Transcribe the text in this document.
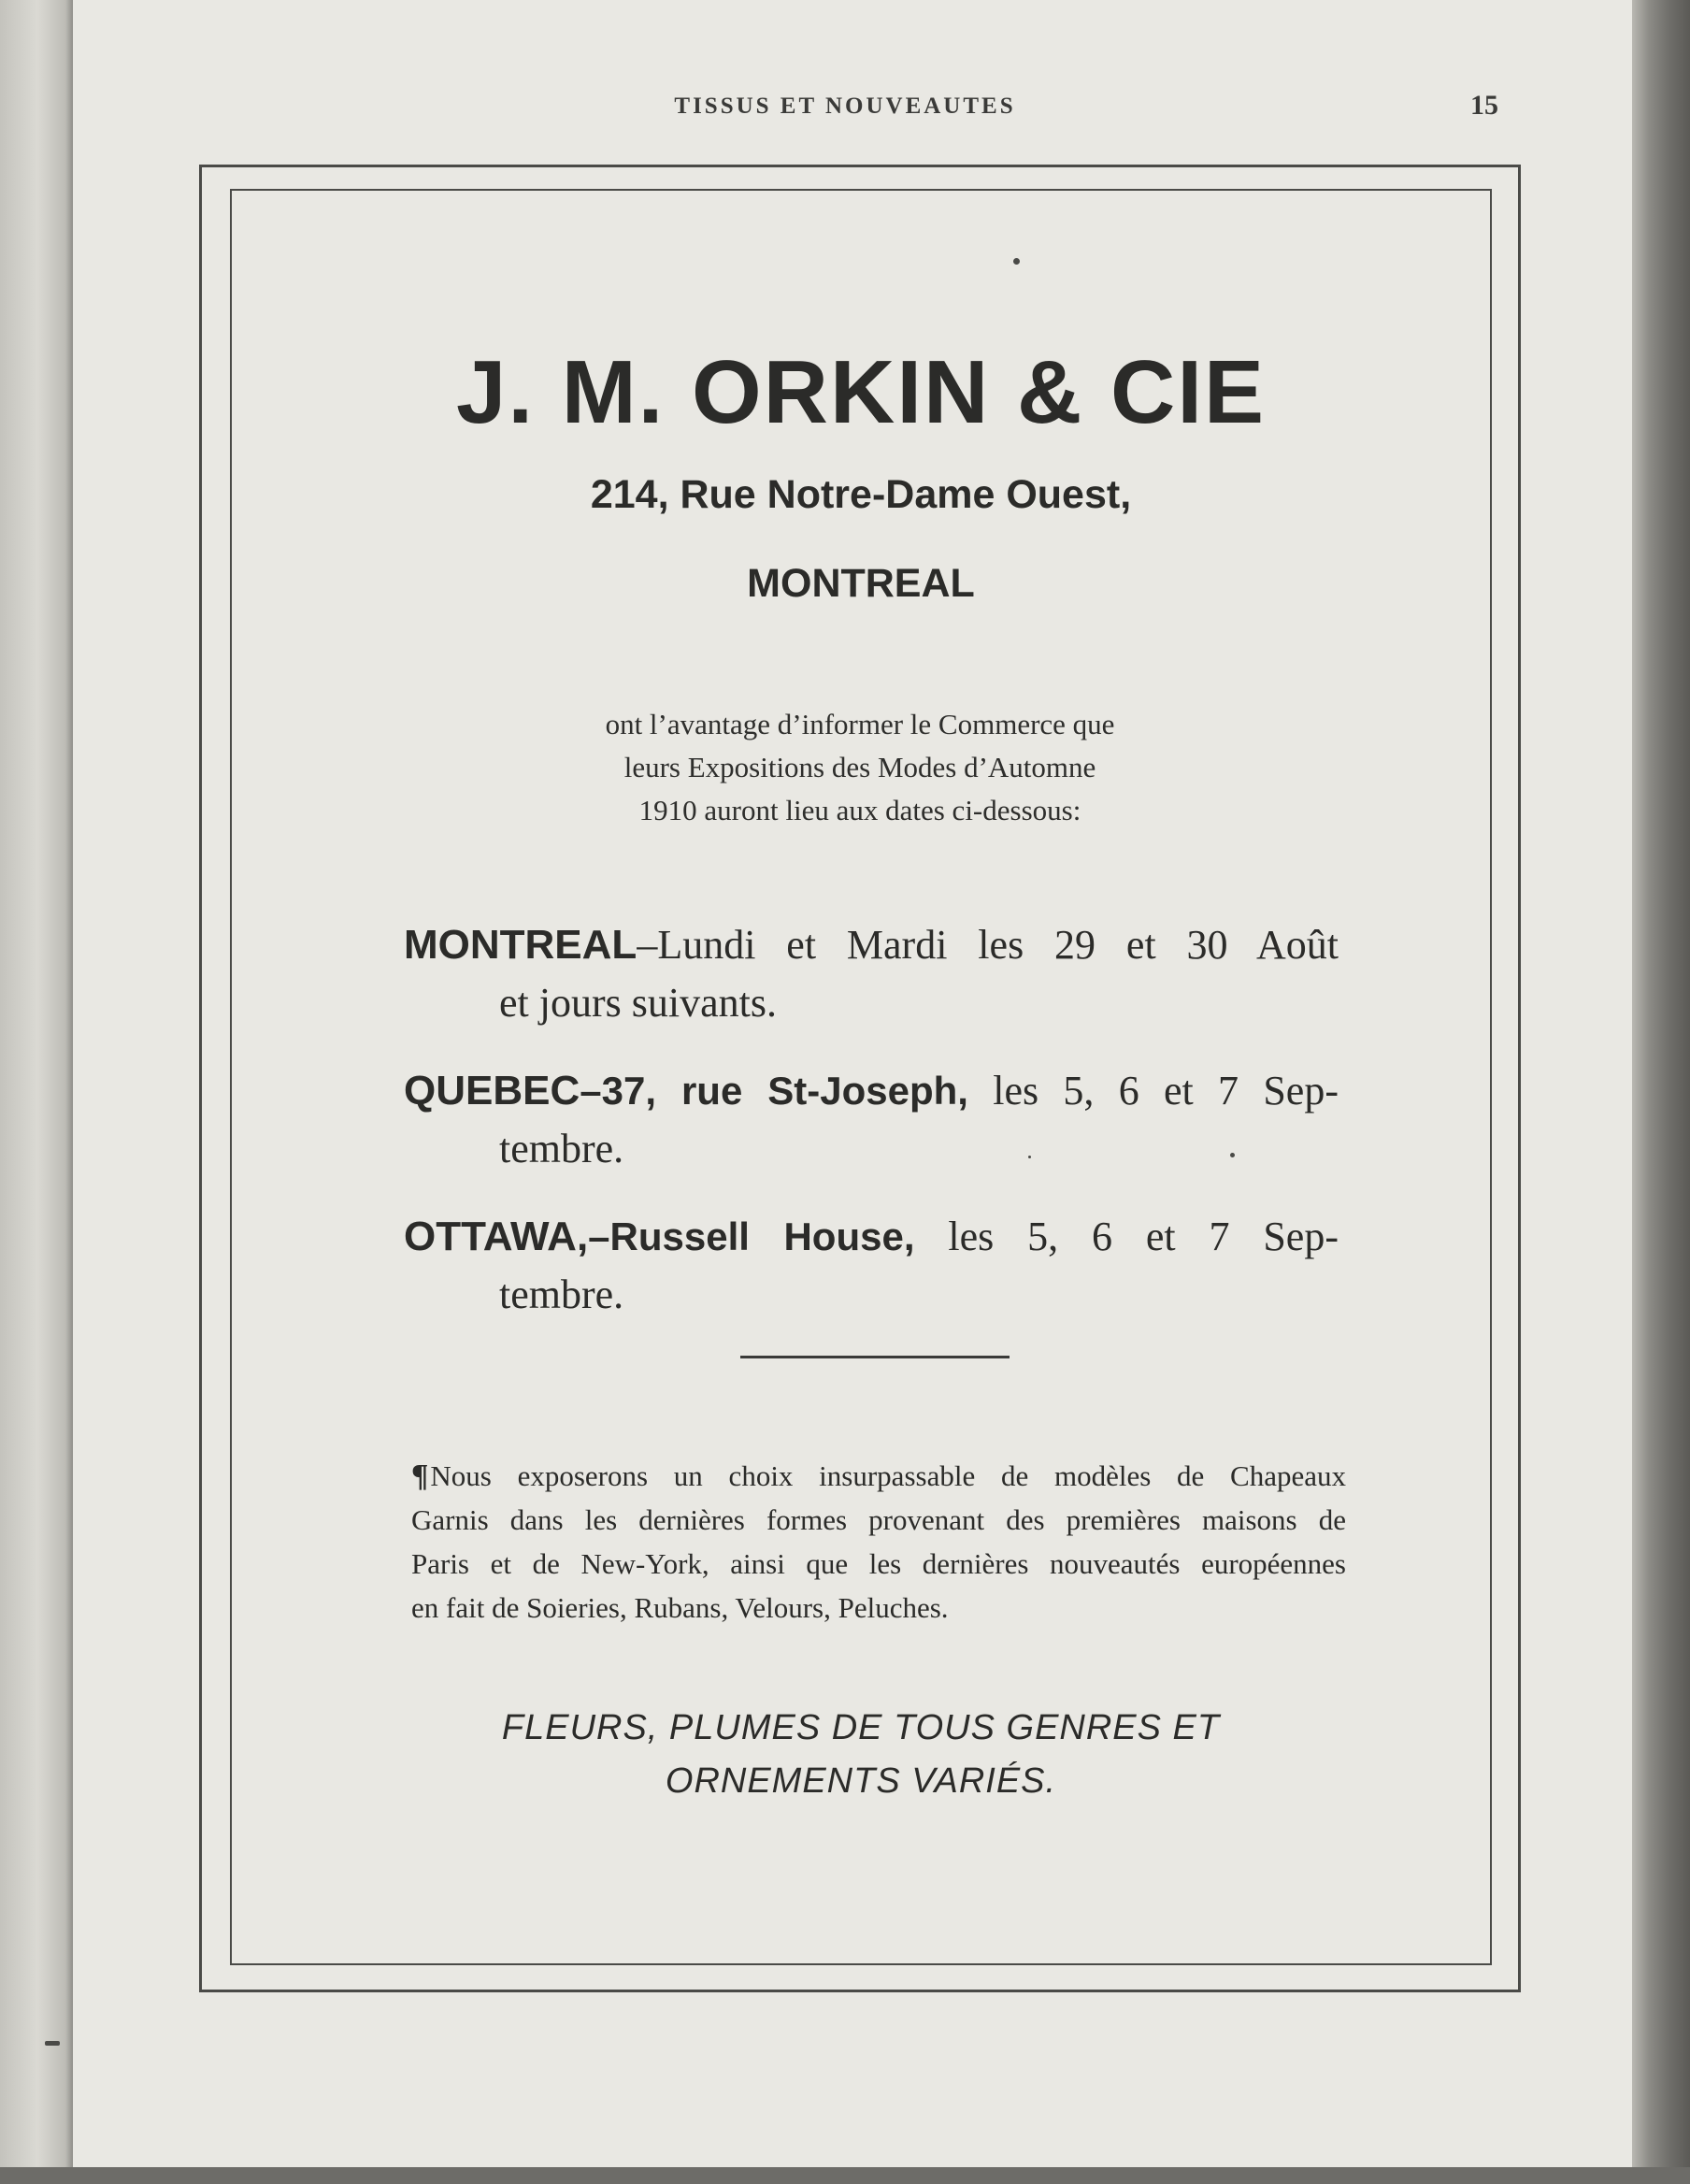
TISSUS ET NOUVEAUTES	15
J. M. ORKIN & CIE
214, Rue Notre-Dame Ouest,
MONTREAL
ont l’avantage d’informer le Commerce que
leurs Expositions des Modes d’Automne
1910 auront lieu aux dates ci-dessous:
MONTREAL–Lundi et Mardi les 29 et 30 Août
et jours suivants.
QUEBEC–37, rue St-Joseph, les 5, 6 et 7 Sep-
tembre.
OTTAWA,–Russell House, les 5, 6 et 7 Sep-
tembre.
¶Nous exposerons un choix insurpassable de modèles de Chapeaux
Garnis dans les dernières formes provenant des premières maisons de
Paris et de New-York, ainsi que les dernières nouveautés européennes
en fait de Soieries, Rubans, Velours, Peluches.
FLEURS, PLUMES DE TOUS GENRES ET
ORNEMENTS VARIÉS.
